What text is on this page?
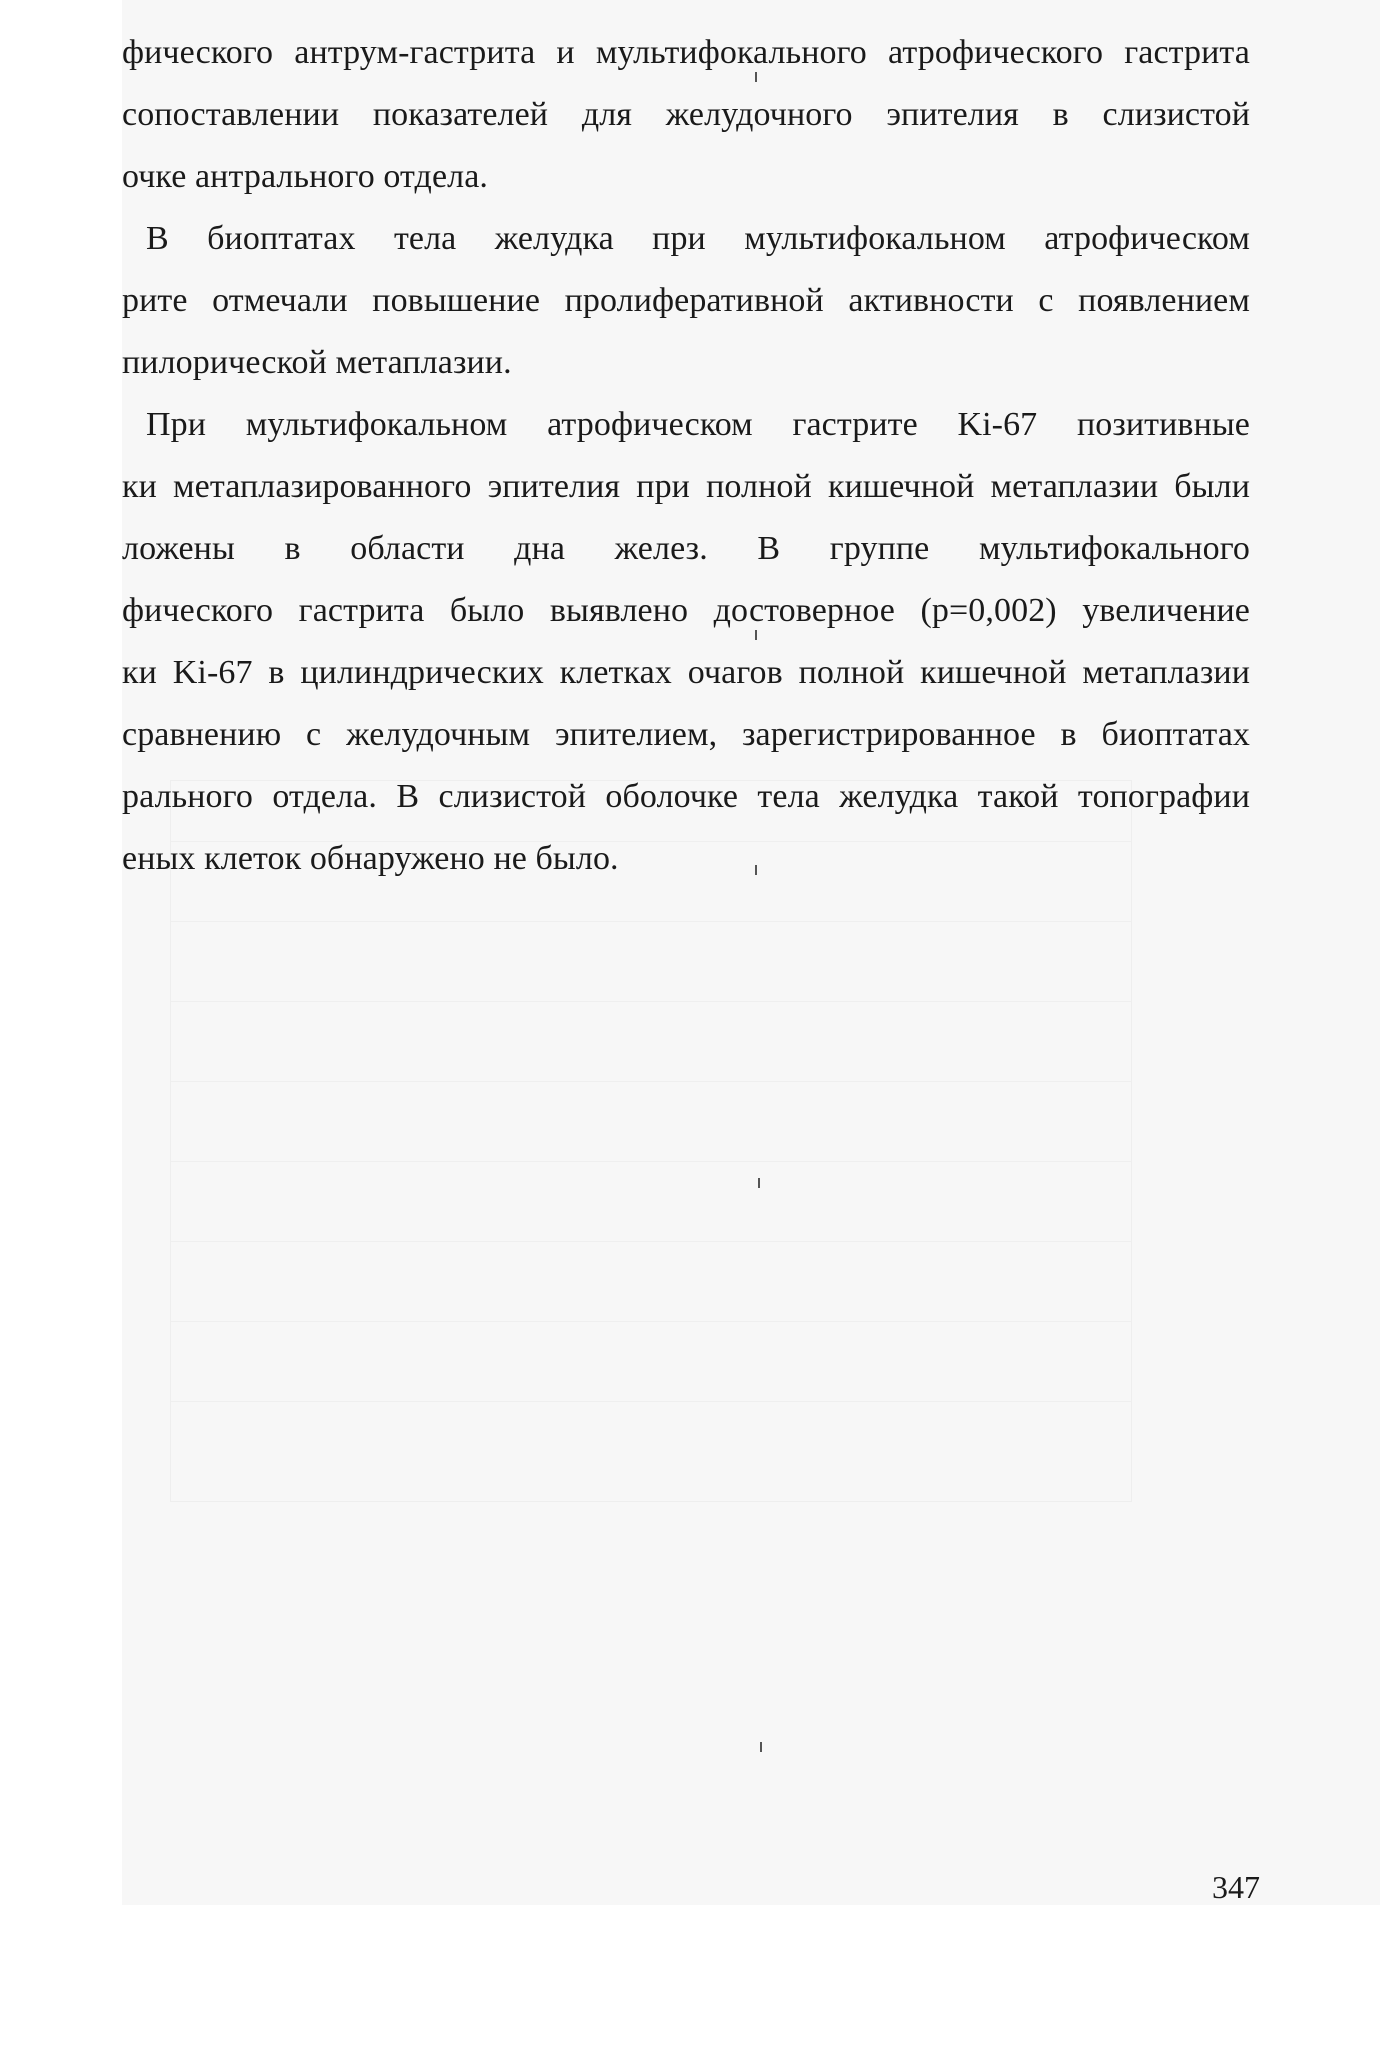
фического антрум-гастрита и мультифокального атрофического гастрита
сопоставлении показателей для желудочного эпителия в слизистой
очке антрального отдела.
В биоптатах тела желудка при мультифокальном атрофическом
рите отмечали повышение пролиферативной активности с появлением
пилорической метаплазии.
При мультифокальном атрофическом гастрите Ki-67 позитивные
ки метаплазированного эпителия при полной кишечной метаплазии были
ложены в области дна желез. В группе мультифокального
фического гастрита было выявлено достоверное (p=0,002) увеличение
ки Ki-67 в цилиндрических клетках очагов полной кишечной метаплазии
сравнению с желудочным эпителием, зарегистрированное в биоптатах
рального отдела. В слизистой оболочке тела желудка такой топографии
еных клеток обнаружено не было.
347
